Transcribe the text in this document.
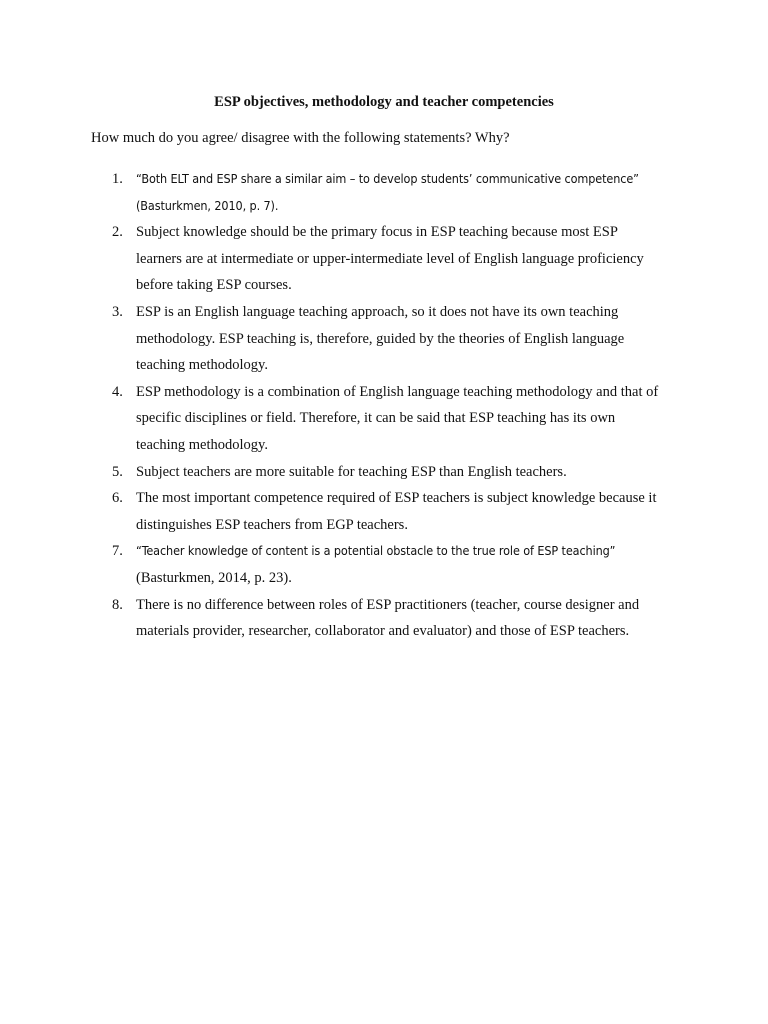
ESP objectives, methodology and teacher competencies

How much do you agree/ disagree with the following statements? Why?

1. “Both ELT and ESP share a similar aim – to develop students’ communicative competence” (Basturkmen, 2010, p. 7).
2. Subject knowledge should be the primary focus in ESP teaching because most ESP learners are at intermediate or upper-intermediate level of English language proficiency before taking ESP courses.
3. ESP is an English language teaching approach, so it does not have its own teaching methodology. ESP teaching is, therefore, guided by the theories of English language teaching methodology.
4. ESP methodology is a combination of English language teaching methodology and that of specific disciplines or field. Therefore, it can be said that ESP teaching has its own teaching methodology.
5. Subject teachers are more suitable for teaching ESP than English teachers.
6. The most important competence required of ESP teachers is subject knowledge because it distinguishes ESP teachers from EGP teachers.
7. “Teacher knowledge of content is a potential obstacle to the true role of ESP teaching” (Basturkmen, 2014, p. 23).
8. There is no difference between roles of ESP practitioners (teacher, course designer and materials provider, researcher, collaborator and evaluator) and those of ESP teachers.
